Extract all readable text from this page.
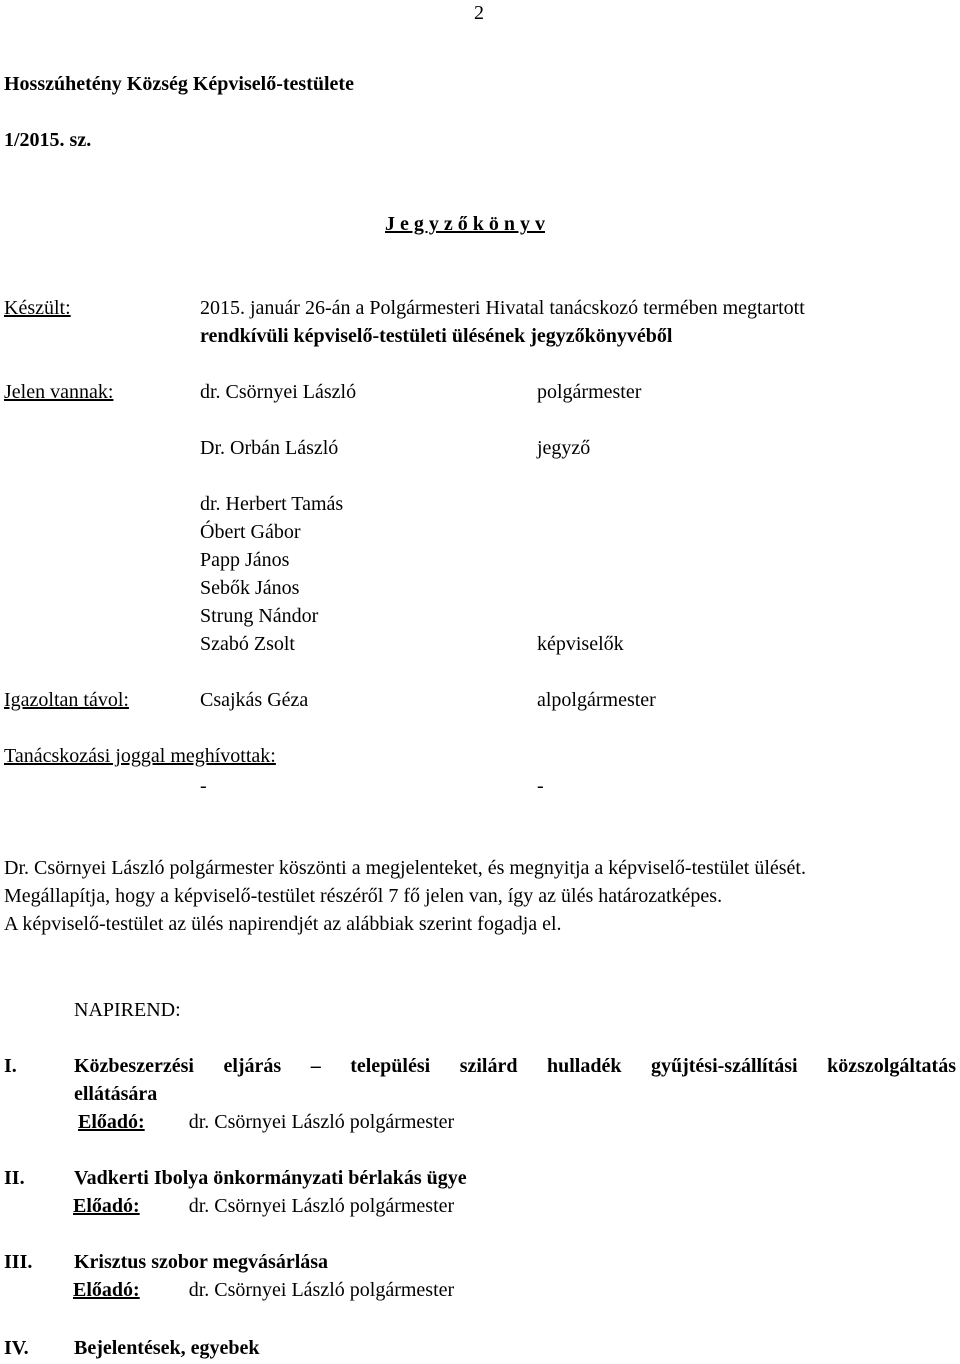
2
Hosszúhetény Község Képviselő-testülete
1/2015. sz.
J e g y z ő k ö n y v
Készült:	2015. január 26-án a Polgármesteri Hivatal tanácskozó termében megtartott
rendkívüli képviselő-testületi ülésének jegyzőkönyvéből
Jelen vannak:	dr. Csörnyei László	polgármester
Dr. Orbán László	jegyző
dr. Herbert Tamás
Óbert Gábor
Papp János
Sebők János
Strung Nándor
Szabó Zsolt	képviselők
Igazoltan távol:	Csajkás Géza	alpolgármester
Tanácskozási joggal meghívottak:
-	-
Dr. Csörnyei László polgármester köszönti a megjelenteket, és megnyitja a képviselő-testület ülését.
Megállapítja, hogy a képviselő-testület részéről 7 fő jelen van, így az ülés határozatképes.
A képviselő-testület az ülés napirendjét az alábbiak szerint fogadja el.
NAPIREND:
I.	Közbeszerzési eljárás – települési szilárd hulladék gyűjtési-szállítási közszolgáltatás
ellátására
Előadó: dr. Csörnyei László polgármester
II. Vadkerti Ibolya önkormányzati bérlakás ügye
Előadó: dr. Csörnyei László polgármester
III. Krisztus szobor megvásárlása
Előadó: dr. Csörnyei László polgármester
IV. Bejelentések, egyebek
